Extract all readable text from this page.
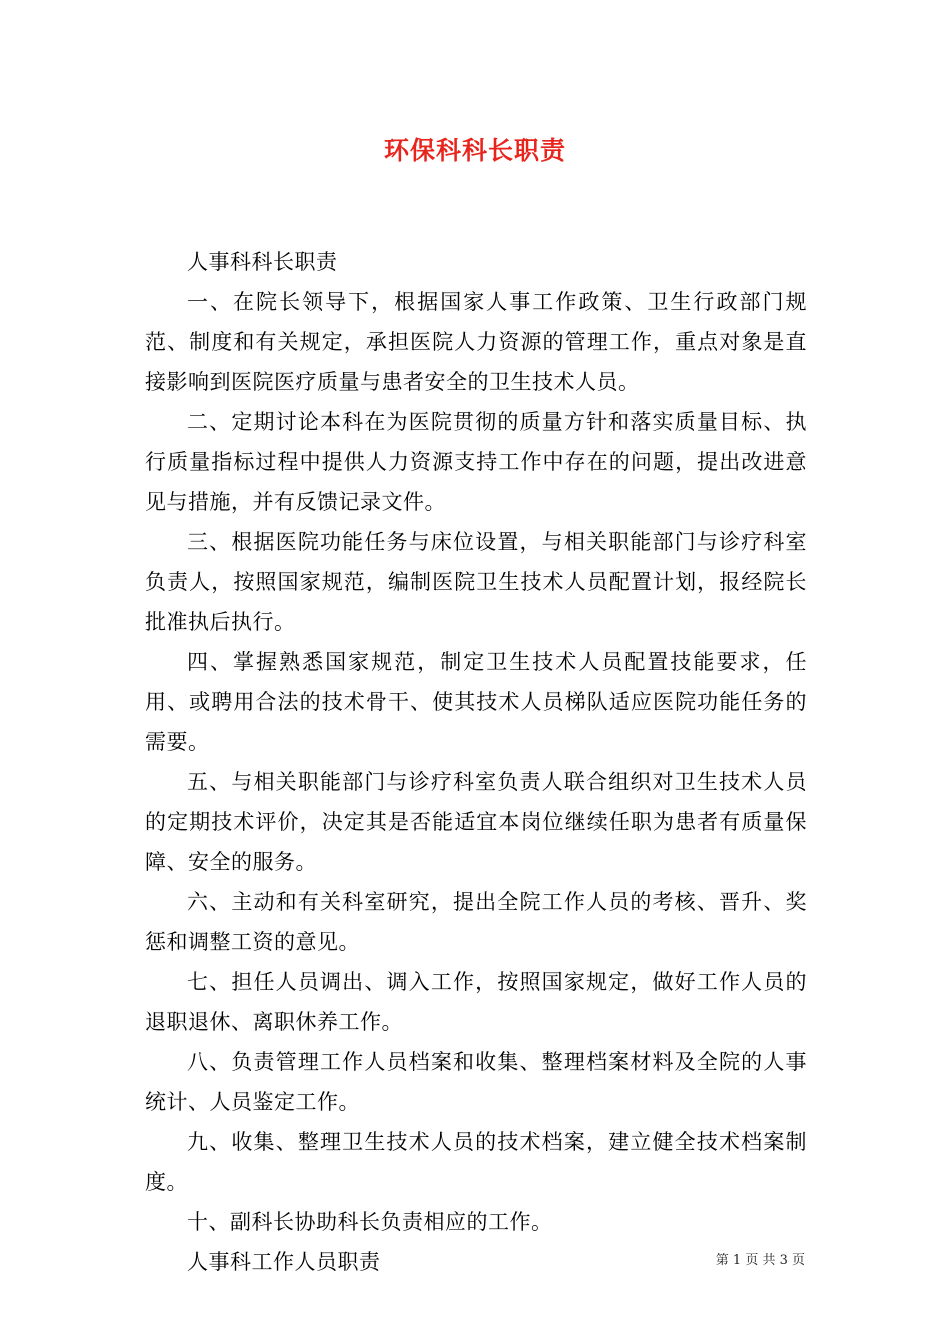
环保科科长职责

人事科科长职责

一、在院长领导下，根据国家人事工作政策、卫生行政部门规范、制度和有关规定，承担医院人力资源的管理工作，重点对象是直接影响到医院医疗质量与患者安全的卫生技术人员。

二、定期讨论本科在为医院贯彻的质量方针和落实质量目标、执行质量指标过程中提供人力资源支持工作中存在的问题，提出改进意见与措施，并有反馈记录文件。

三、根据医院功能任务与床位设置，与相关职能部门与诊疗科室负责人，按照国家规范，编制医院卫生技术人员配置计划，报经院长批准执后执行。

四、掌握熟悉国家规范，制定卫生技术人员配置技能要求，任用、或聘用合法的技术骨干、使其技术人员梯队适应医院功能任务的需要。

五、与相关职能部门与诊疗科室负责人联合组织对卫生技术人员的定期技术评价，决定其是否能适宜本岗位继续任职为患者有质量保障、安全的服务。

六、主动和有关科室研究，提出全院工作人员的考核、晋升、奖惩和调整工资的意见。

七、担任人员调出、调入工作，按照国家规定，做好工作人员的退职退休、离职休养工作。

八、负责管理工作人员档案和收集、整理档案材料及全院的人事统计、人员鉴定工作。

九、收集、整理卫生技术人员的技术档案，建立健全技术档案制度。

十、副科长协助科长负责相应的工作。

人事科工作人员职责	第 1 页 共 3 页
